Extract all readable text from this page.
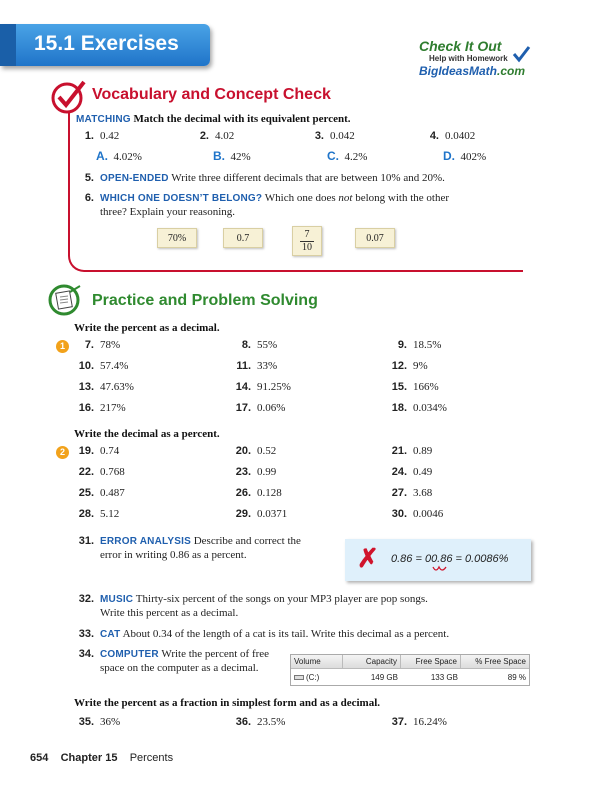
15.1 Exercises	Check It Out
Help with Homework
BigIdeasMath.com
Vocabulary and Concept Check
MATCHING Match the decimal with its equivalent percent.
1. 0.42	2. 4.02	3. 0.042	4. 0.0402
A. 4.02%	B. 42%	C. 4.2%	D. 402%
5. OPEN-ENDED Write three different decimals that are between 10% and 20%.
6. WHICH ONE DOESN’T BELONG? Which one does not belong with the other
three? Explain your reasoning.
70%	0.7	$\frac{7}{10}$	0.07
Practice and Problem Solving
Write the percent as a decimal.
1	7. 78%	8. 55%	9. 18.5%
10. 57.4%	11. 33%	12. 9%
13. 47.63%	14. 91.25%	15. 166%
16. 217%	17. 0.06%	18. 0.034%
Write the decimal as a percent.
2	19. 0.74	20. 0.52	21. 0.89
22. 0.768	23. 0.99	24. 0.49
25. 0.487	26. 0.128	27. 3.68
28. 5.12	29. 0.0371	30. 0.0046
31. ERROR ANALYSIS Describe and correct the
error in writing 0.86 as a percent.	✗ 0.86 = 00.86 = 0.0086%
32. MUSIC Thirty-six percent of the songs on your MP3 player are pop songs.
Write this percent as a decimal.
33. CAT About 0.34 of the length of a cat is its tail. Write this decimal as a percent.
34. COMPUTER Write the percent of free
space on the computer as a decimal.
Volume	Capacity	Free Space	% Free Space
(C:)	149 GB	133 GB	89 %
Write the percent as a fraction in simplest form and as a decimal.
35. 36%	36. 23.5%	37. 16.24%
654 Chapter 15 Percents
